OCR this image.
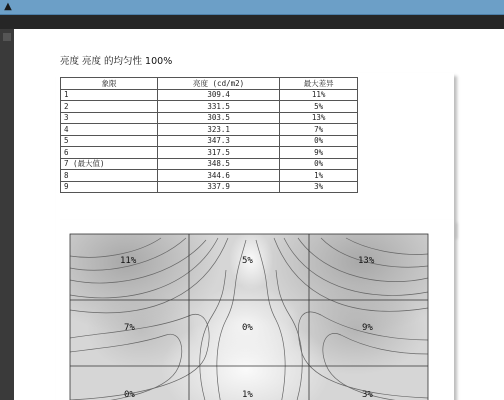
▲
亮度 亮度 的均匀性 100%
象限	亮度 (cd/m2)	最大差异
1	309.4	11%
2	331.5	5%
3	303.5	13%
4	323.1	7%
5	347.3	0%
6	317.5	9%
7 (最大值)	348.5	0%
8	344.6	1%
9	337.9	3%
11%	5%	13%
7%	0%	9%
0%	1%	3%
